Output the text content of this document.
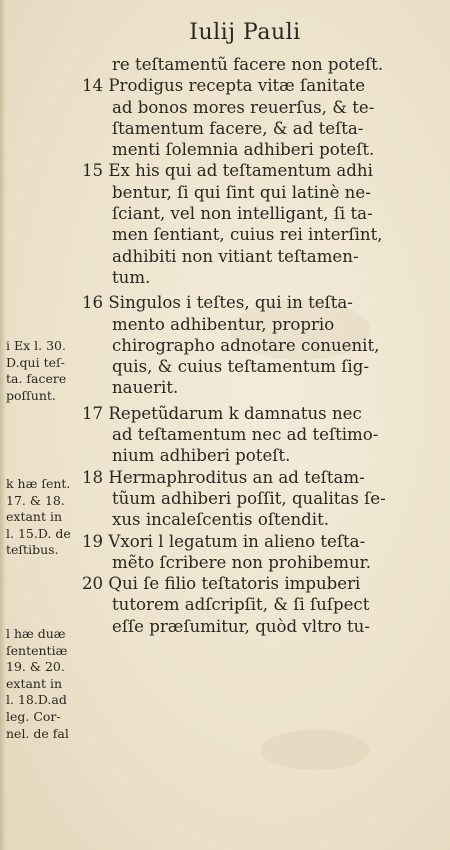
Iulij Pauli
re teſtamentũ facere non poteſt.
14 Prodigus recepta vitæ ſanitate
ad bonos mores reuerſus, & te-
ſtamentum facere, & ad teſta-
menti ſolemnia adhiberi poteſt.
15 Ex his qui ad teſtamentum adhi
bentur, ſi qui ſint qui latinè ne-
ſciant, vel non intelligant, ſi ta-
men ſentiant, cuius rei interſint,
adhibiti non vitiant teſtamen-
tum.
16 Singulos i teſtes, qui in teſta-
mento adhibentur, proprio
chirographo adnotare conuenit,
quis, & cuius teſtamentum ſig-
nauerit.
17 Repetũdarum k damnatus nec
ad teſtamentum nec ad teſtimo-
nium adhiberi poteſt.
18 Hermaphroditus an ad teſtam-
tũum adhiberi poſſit, qualitas ſe-
xus incaleſcentis oſtendit.
19 Vxori l legatum in alieno teſta-
mẽto ſcribere non prohibemur.
20 Qui ſe filio teſtatoris impuberi
tutorem adſcripſit, & ſi ſuſpect
eſſe præſumitur, quòd vltro tu-
i Ex l. 30.
D.qui teſ-
ta. facere
poſſunt.
k hæ ſent.
17. & 18.
extant in
l. 15.D. de
teſtibus.
l hæ duæ
ſententiæ
19. & 20.
extant in
l. 18.D.ad
leg. Cor-
nel. de fal
